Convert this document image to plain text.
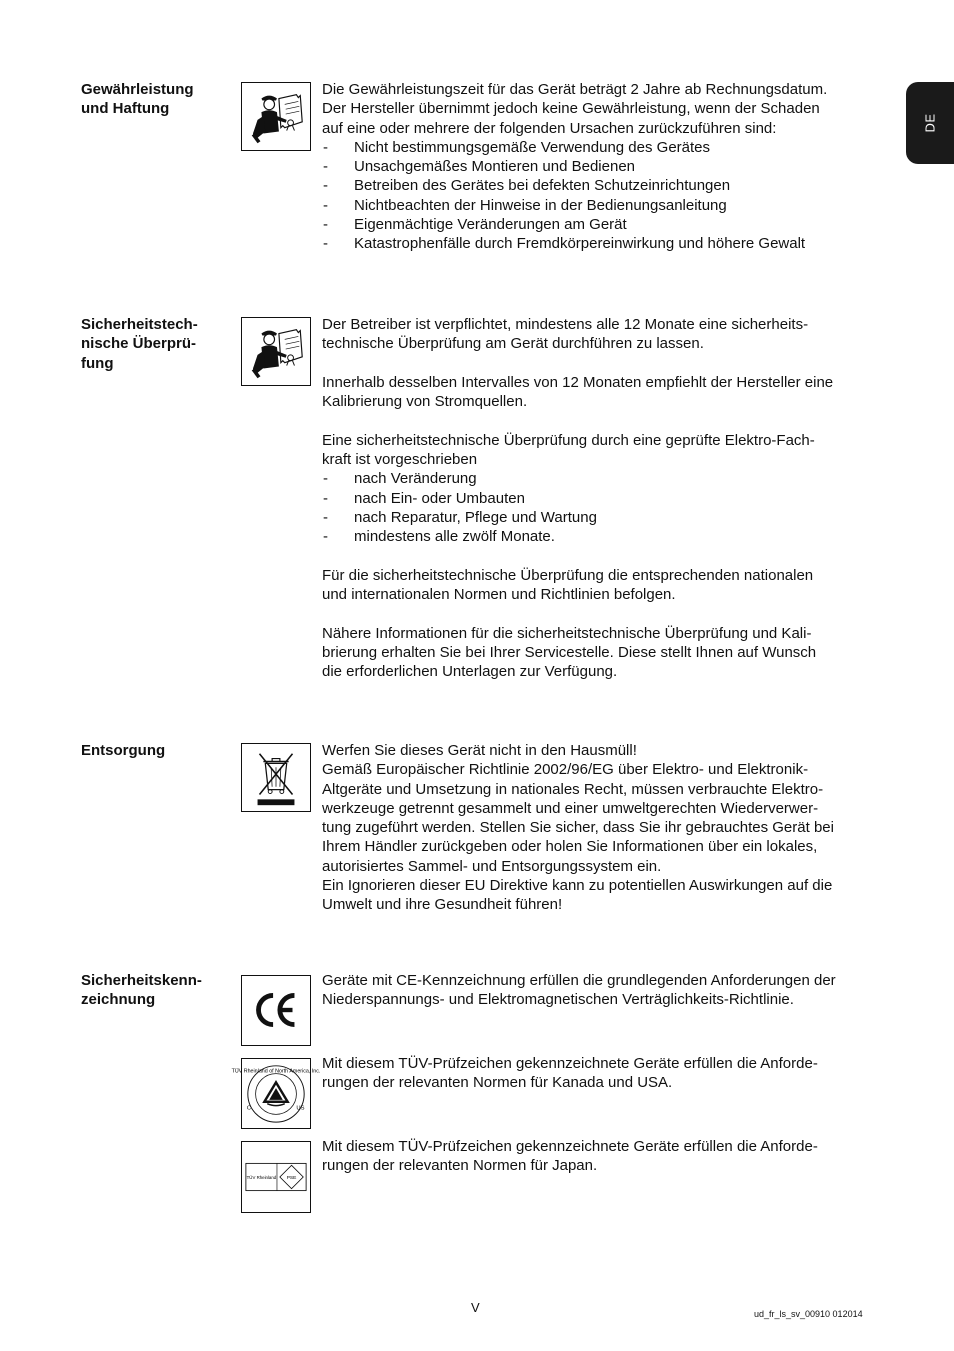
DE
Gewährleistung
und Haftung

Die Gewährleistungszeit für das Gerät beträgt 2 Jahre ab Rechnungsdatum.

Der Hersteller übernimmt jedoch keine Gewährleistung, wenn der Schaden

auf eine oder mehrere der folgenden Ursachen zurückzuführen sind:

- Nicht bestimmungsgemäße Verwendung des Gerätes
- Unsachgemäßes Montieren und Bedienen
- Betreiben des Gerätes bei defekten Schutzeinrichtungen
- Nichtbeachten der Hinweise in der Bedienungsanleitung
- Eigenmächtige Veränderungen am Gerät
- Katastrophenfälle durch Fremdkörpereinwirkung und höhere Gewalt
Sicherheitstech-
nische Überprü-
fung

Der Betreiber ist verpflichtet, mindestens alle 12 Monate eine sicherheits-

technische Überprüfung am Gerät durchführen zu lassen.

Innerhalb desselben Intervalles von 12 Monaten empfiehlt der Hersteller eine

Kalibrierung von Stromquellen.

Eine sicherheitstechnische Überprüfung durch eine geprüfte Elektro-Fach-

kraft ist vorgeschrieben

- nach Veränderung
- nach Ein- oder Umbauten
- nach Reparatur, Pflege und Wartung
- mindestens alle zwölf Monate.

Für die sicherheitstechnische Überprüfung die entsprechenden nationalen

und internationalen Normen und Richtlinien befolgen.

Nähere Informationen für die sicherheitstechnische Überprüfung und Kali-

brierung erhalten Sie bei Ihrer Servicestelle. Diese stellt Ihnen auf Wunsch

die erforderlichen Unterlagen zur Verfügung.

Entsorgung	Werfen Sie dieses Gerät nicht in den Hausmüll!

Gemäß Europäischer Richtlinie 2002/96/EG über Elektro- und Elektronik-

Altgeräte und Umsetzung in nationales Recht, müssen verbrauchte Elektro-

werkzeuge getrennt gesammelt und einer umweltgerechten Wiederverwer-

tung zugeführt werden. Stellen Sie sicher, dass Sie ihr gebrauchtes Gerät bei

Ihrem Händler zurückgeben oder holen Sie Informationen über ein lokales,

autorisiertes Sammel- und Entsorgungssystem ein.

Ein Ignorieren dieser EU Direktive kann zu potentiellen Auswirkungen auf die

Umwelt und ihre Gesundheit führen!

Sicherheitskenn-
zeichnung

Geräte mit CE-Kennzeichnung erfüllen die grundlegenden Anforderungen der

Niederspannungs- und Elektromagnetischen Verträglichkeits-Richtlinie.

TÜV Rheinland of North America, Inc.
C	US

Mit diesem TÜV-Prüfzeichen gekennzeichnete Geräte erfüllen die Anforde-

rungen der relevanten Normen für Kanada und USA.

TÜV Rheinland PSE

Mit diesem TÜV-Prüfzeichen gekennzeichnete Geräte erfüllen die Anforde-

rungen der relevanten Normen für Japan.

V	ud_fr_ls_sv_00910 012014
